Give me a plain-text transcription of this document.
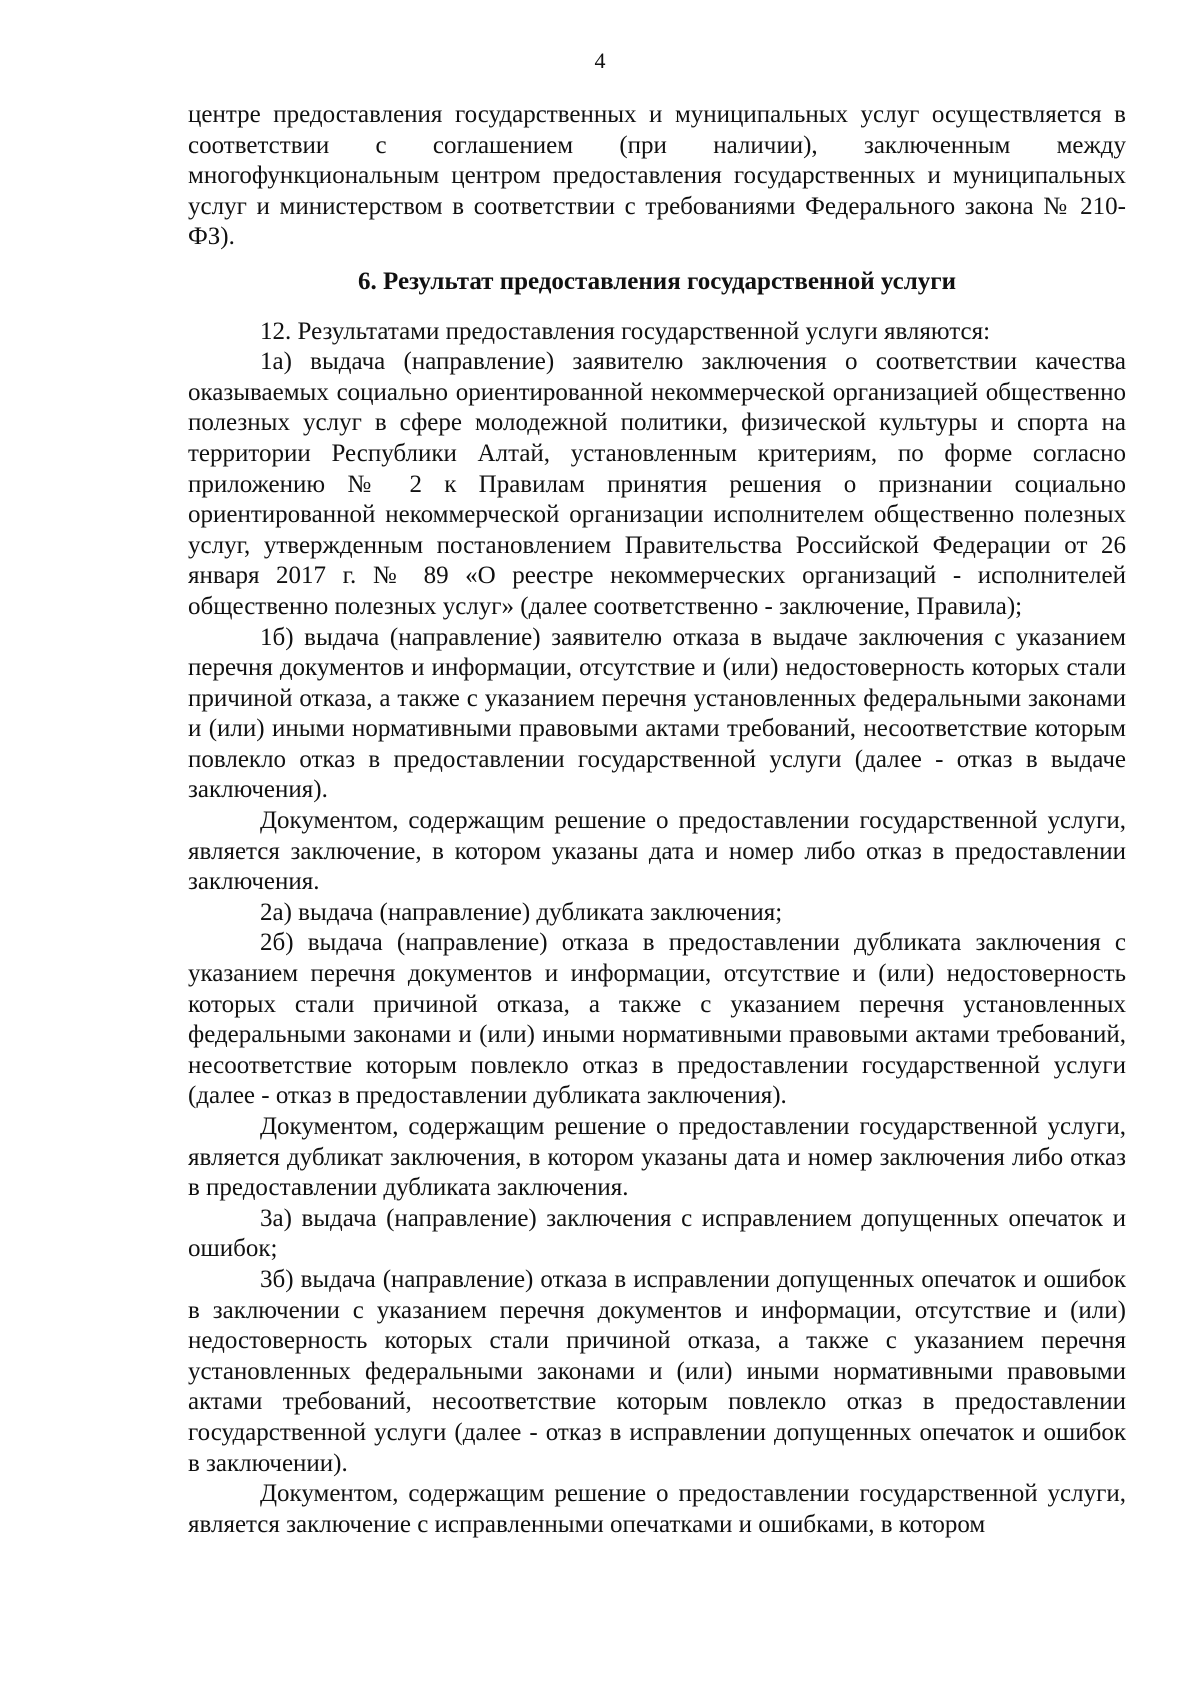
4

центре предоставления государственных и муниципальных услуг осуществляется в соответствии с соглашением (при наличии), заключенным между многофункциональным центром предоставления государственных и муниципальных услуг и министерством в соответствии с требованиями Федерального закона № 210-ФЗ).

6. Результат предоставления государственной услуги

12. Результатами предоставления государственной услуги являются:

1а) выдача (направление) заявителю заключения о соответствии качества оказываемых социально ориентированной некоммерческой организацией общественно полезных услуг в сфере молодежной политики, физической культуры и спорта на территории Республики Алтай, установленным критериям, по форме согласно приложению № 2 к Правилам принятия решения о признании социально ориентированной некоммерческой организации исполнителем общественно полезных услуг, утвержденным постановлением Правительства Российской Федерации от 26 января 2017 г. № 89 «О реестре некоммерческих организаций - исполнителей общественно полезных услуг» (далее соответственно - заключение, Правила);

1б) выдача (направление) заявителю отказа в выдаче заключения с указанием перечня документов и информации, отсутствие и (или) недостоверность которых стали причиной отказа, а также с указанием перечня установленных федеральными законами и (или) иными нормативными правовыми актами требований, несоответствие которым повлекло отказ в предоставлении государственной услуги (далее - отказ в выдаче заключения).

Документом, содержащим решение о предоставлении государственной услуги, является заключение, в котором указаны дата и номер либо отказ в предоставлении заключения.

2а) выдача (направление) дубликата заключения;

2б) выдача (направление) отказа в предоставлении дубликата заключения с указанием перечня документов и информации, отсутствие и (или) недостоверность которых стали причиной отказа, а также с указанием перечня установленных федеральными законами и (или) иными нормативными правовыми актами требований, несоответствие которым повлекло отказ в предоставлении государственной услуги (далее - отказ в предоставлении дубликата заключения).

Документом, содержащим решение о предоставлении государственной услуги, является дубликат заключения, в котором указаны дата и номер заключения либо отказ в предоставлении дубликата заключения.

3а) выдача (направление) заключения с исправлением допущенных опечаток и ошибок;

3б) выдача (направление) отказа в исправлении допущенных опечаток и ошибок в заключении с указанием перечня документов и информации, отсутствие и (или) недостоверность которых стали причиной отказа, а также с указанием перечня установленных федеральными законами и (или) иными нормативными правовыми актами требований, несоответствие которым повлекло отказ в предоставлении государственной услуги (далее - отказ в исправлении допущенных опечаток и ошибок в заключении).

Документом, содержащим решение о предоставлении государственной услуги, является заключение с исправленными опечатками и ошибками, в котором
